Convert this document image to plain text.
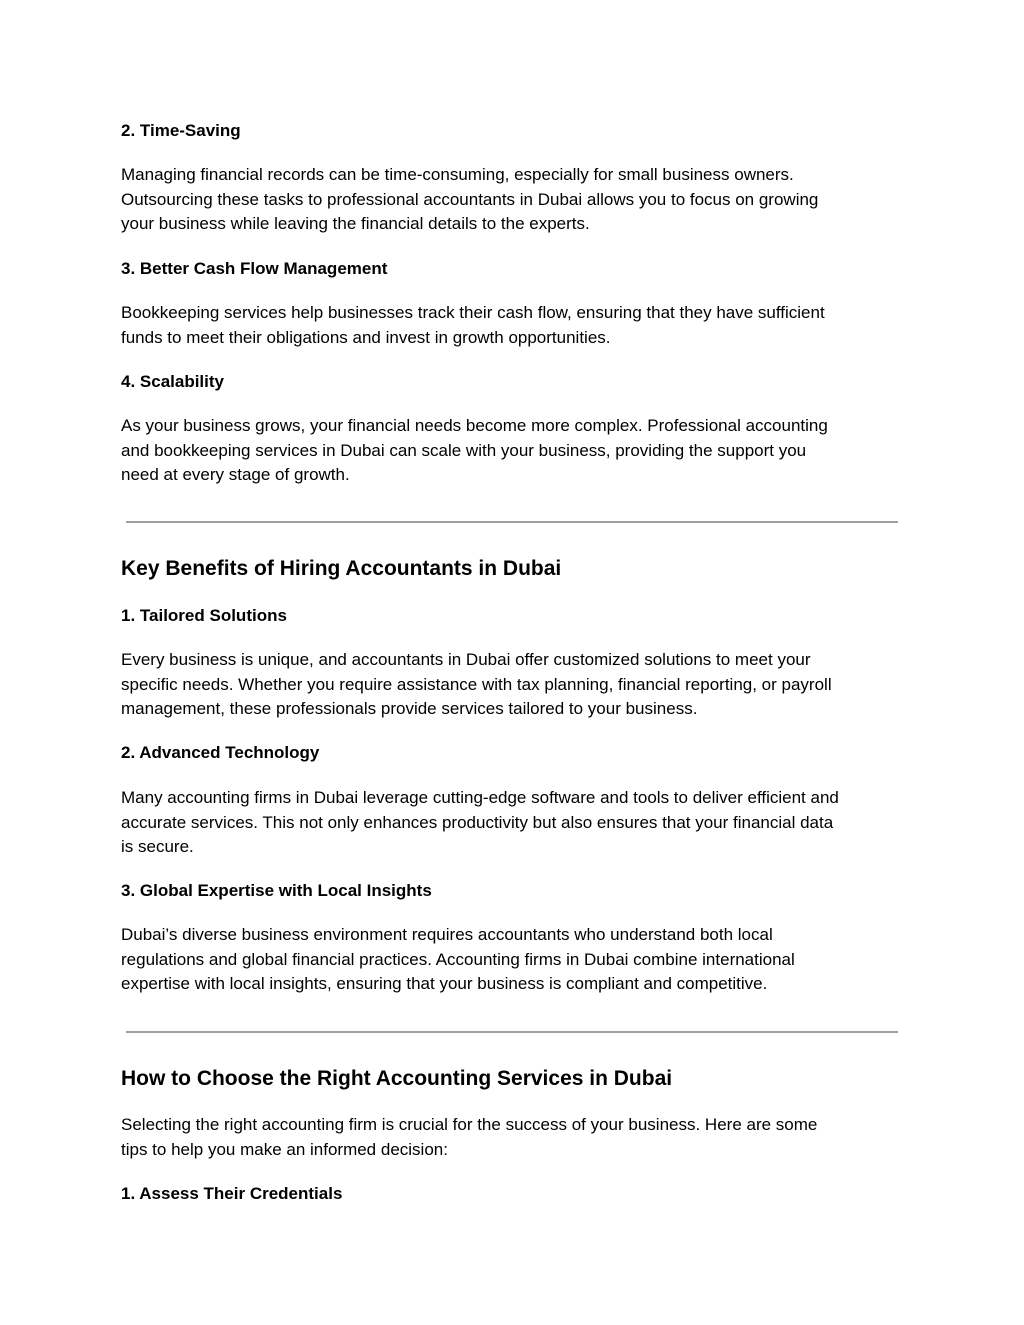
2. Time-Saving
Managing financial records can be time-consuming, especially for small business owners.
Outsourcing these tasks to professional accountants in Dubai allows you to focus on growing
your business while leaving the financial details to the experts.
3. Better Cash Flow Management
Bookkeeping services help businesses track their cash flow, ensuring that they have sufficient
funds to meet their obligations and invest in growth opportunities.
4. Scalability
As your business grows, your financial needs become more complex. Professional accounting
and bookkeeping services in Dubai can scale with your business, providing the support you
need at every stage of growth.
Key Benefits of Hiring Accountants in Dubai
1. Tailored Solutions
Every business is unique, and accountants in Dubai offer customized solutions to meet your
specific needs. Whether you require assistance with tax planning, financial reporting, or payroll
management, these professionals provide services tailored to your business.
2. Advanced Technology
Many accounting firms in Dubai leverage cutting-edge software and tools to deliver efficient and
accurate services. This not only enhances productivity but also ensures that your financial data
is secure.
3. Global Expertise with Local Insights
Dubai’s diverse business environment requires accountants who understand both local
regulations and global financial practices. Accounting firms in Dubai combine international
expertise with local insights, ensuring that your business is compliant and competitive.
How to Choose the Right Accounting Services in Dubai
Selecting the right accounting firm is crucial for the success of your business. Here are some
tips to help you make an informed decision:
1. Assess Their Credentials
